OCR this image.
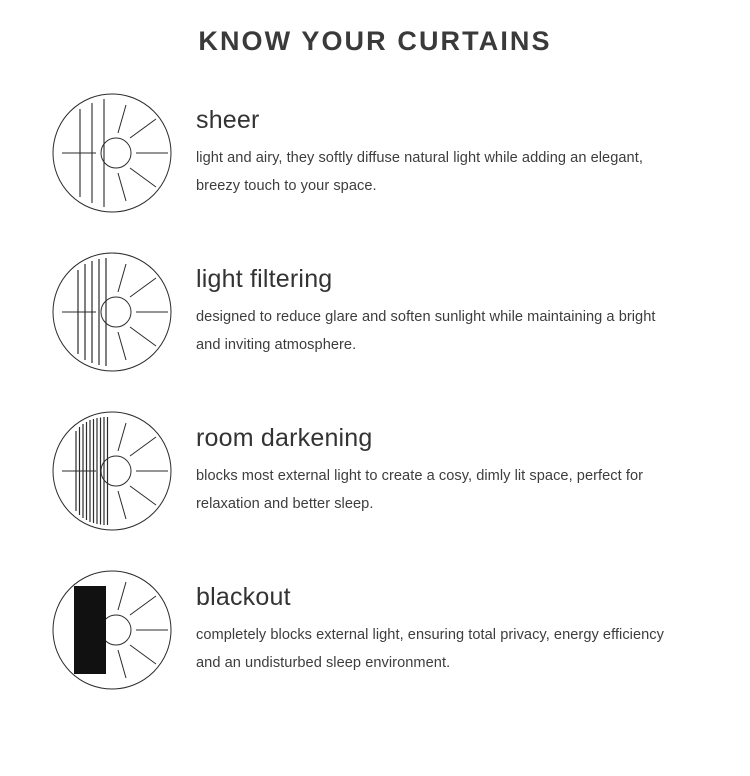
KNOW YOUR CURTAINS
sheer

light and airy, they softly diffuse natural light while adding an elegant, breezy touch to your space.

light filtering

designed to reduce glare and soften sunlight while maintaining a bright and inviting atmosphere.

room darkening

blocks most external light to create a cosy, dimly lit space, perfect for relaxation and better sleep.

blackout

completely blocks external light, ensuring total privacy, energy efficiency and an undisturbed sleep environment.
